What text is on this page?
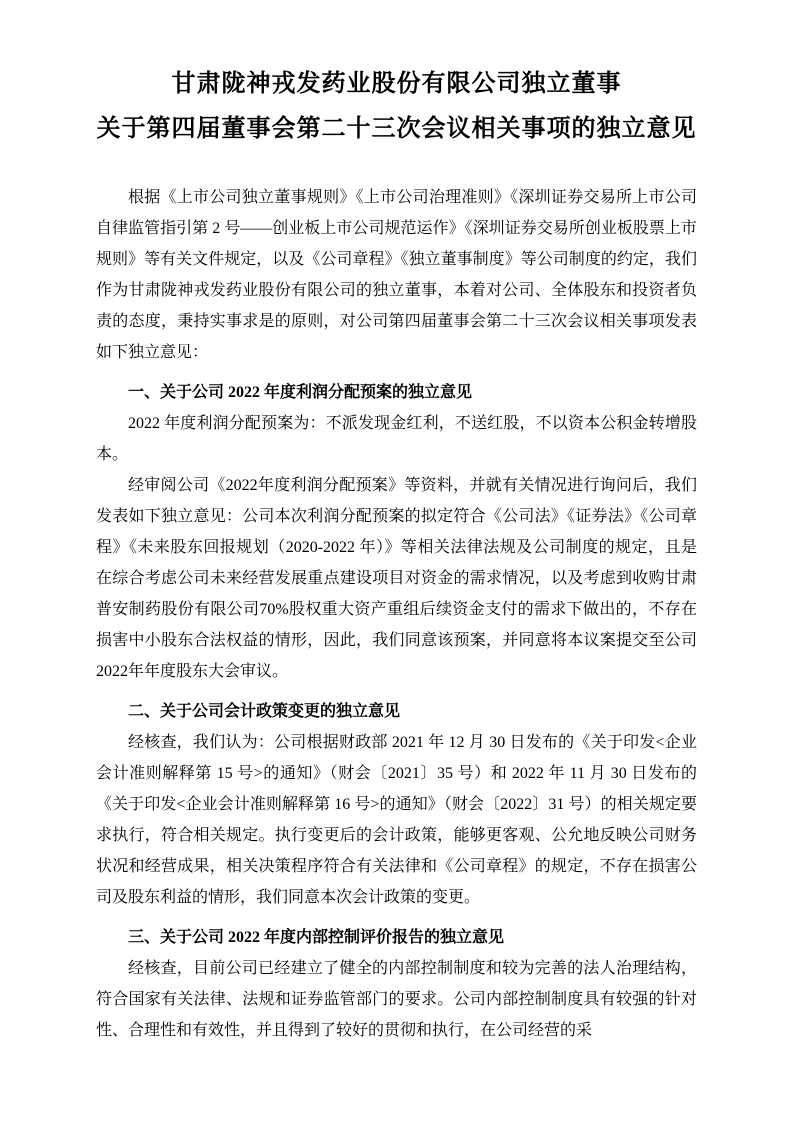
甘肃陇神戎发药业股份有限公司独立董事
关于第四届董事会第二十三次会议相关事项的独立意见

根据《上市公司独立董事规则》《上市公司治理准则》《深圳证券交易所上市公司自律监管指引第 2 号——创业板上市公司规范运作》《深圳证券交易所创业板股票上市规则》等有关文件规定，以及《公司章程》《独立董事制度》等公司制度的约定，我们作为甘肃陇神戎发药业股份有限公司的独立董事，本着对公司、全体股东和投资者负责的态度，秉持实事求是的原则，对公司第四届董事会第二十三次会议相关事项发表如下独立意见：

一、关于公司 2022 年度利润分配预案的独立意见

2022 年度利润分配预案为：不派发现金红利，不送红股，不以资本公积金转增股本。

经审阅公司《2022年度利润分配预案》等资料，并就有关情况进行询问后，我们发表如下独立意见：公司本次利润分配预案的拟定符合《公司法》《证券法》《公司章程》《未来股东回报规划（2020-2022 年）》等相关法律法规及公司制度的规定，且是在综合考虑公司未来经营发展重点建设项目对资金的需求情况，以及考虑到收购甘肃普安制药股份有限公司70%股权重大资产重组后续资金支付的需求下做出的，不存在损害中小股东合法权益的情形，因此，我们同意该预案，并同意将本议案提交至公司 2022年年度股东大会审议。

二、关于公司会计政策变更的独立意见

经核查，我们认为：公司根据财政部 2021 年 12 月 30 日发布的《关于印发<企业会计准则解释第 15 号>的通知》（财会〔2021〕35 号）和 2022 年 11 月 30 日发布的《关于印发<企业会计准则解释第 16 号>的通知》（财会〔2022〕31 号）的相关规定要求执行，符合相关规定。执行变更后的会计政策，能够更客观、公允地反映公司财务状况和经营成果，相关决策程序符合有关法律和《公司章程》的规定，不存在损害公司及股东利益的情形，我们同意本次会计政策的变更。

三、关于公司 2022 年度内部控制评价报告的独立意见

经核查，目前公司已经建立了健全的内部控制制度和较为完善的法人治理结构，符合国家有关法律、法规和证券监管部门的要求。公司内部控制制度具有较强的针对性、合理性和有效性，并且得到了较好的贯彻和执行，在公司经营的采
